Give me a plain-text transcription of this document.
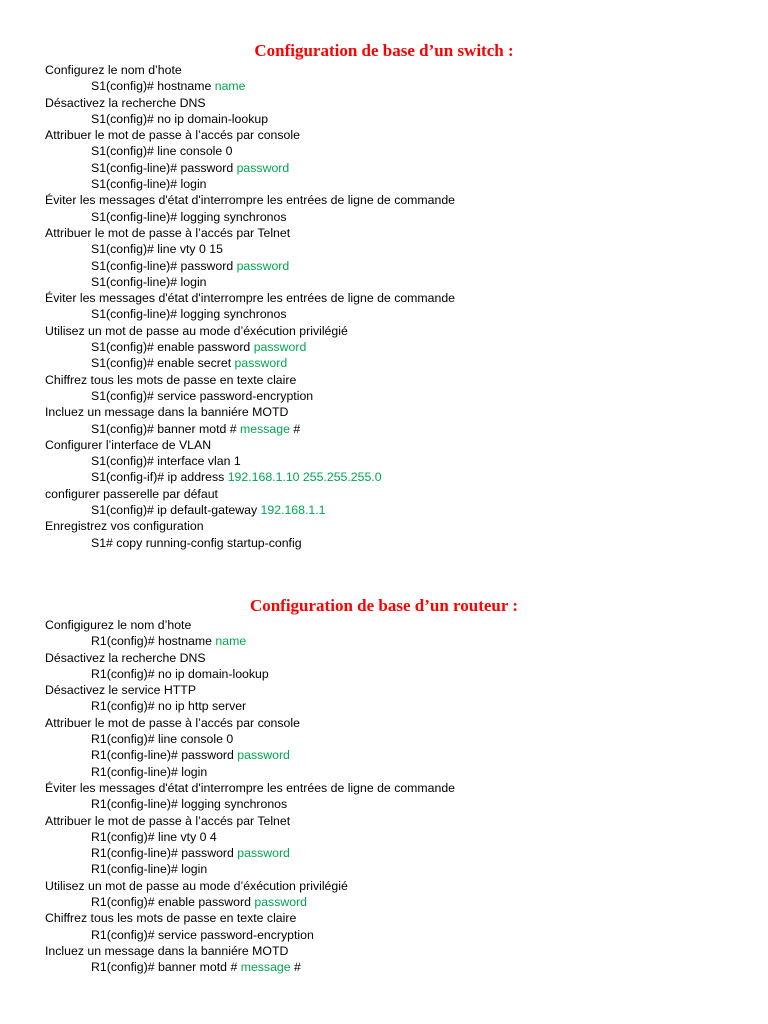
Configuration de base d’un switch :
Configurez le nom d’hote
S1(config)# hostname name
Désactivez la recherche DNS
S1(config)# no ip domain-lookup
Attribuer le mot de passe à l’accés par console
S1(config)# line console 0
S1(config-line)# password password
S1(config-line)# login
Éviter les messages d'état d'interrompre les entrées de ligne de commande
S1(config-line)# logging synchronos
Attribuer le mot de passe à l’accés par Telnet
S1(config)# line vty 0 15
S1(config-line)# password password
S1(config-line)# login
Éviter les messages d'état d'interrompre les entrées de ligne de commande
S1(config-line)# logging synchronos
Utilisez un mot de passe au mode d’éxécution privilégié
S1(config)# enable password password
S1(config)# enable secret password
Chiffrez tous les mots de passe en texte claire
S1(config)# service password-encryption
Incluez un message dans la banniére MOTD
S1(config)# banner motd # message #
Configurer l’interface de VLAN
S1(config)# interface vlan 1
S1(config-if)# ip address 192.168.1.10 255.255.255.0
configurer passerelle par défaut
S1(config)# ip default-gateway 192.168.1.1
Enregistrez vos configuration
S1# copy running-config startup-config
Configuration de base d’un routeur :
Configigurez le nom d’hote
R1(config)# hostname name
Désactivez la recherche DNS
R1(config)# no ip domain-lookup
Désactivez le service HTTP
R1(config)# no ip http server
Attribuer le mot de passe à l’accés par console
R1(config)# line console 0
R1(config-line)# password password
R1(config-line)# login
Éviter les messages d'état d'interrompre les entrées de ligne de commande
R1(config-line)# logging synchronos
Attribuer le mot de passe à l’accés par Telnet
R1(config)# line vty 0 4
R1(config-line)# password password
R1(config-line)# login
Utilisez un mot de passe au mode d’éxécution privilégié
R1(config)# enable password password
Chiffrez tous les mots de passe en texte claire
R1(config)# service password-encryption
Incluez un message dans la banniére MOTD
R1(config)# banner motd # message #
